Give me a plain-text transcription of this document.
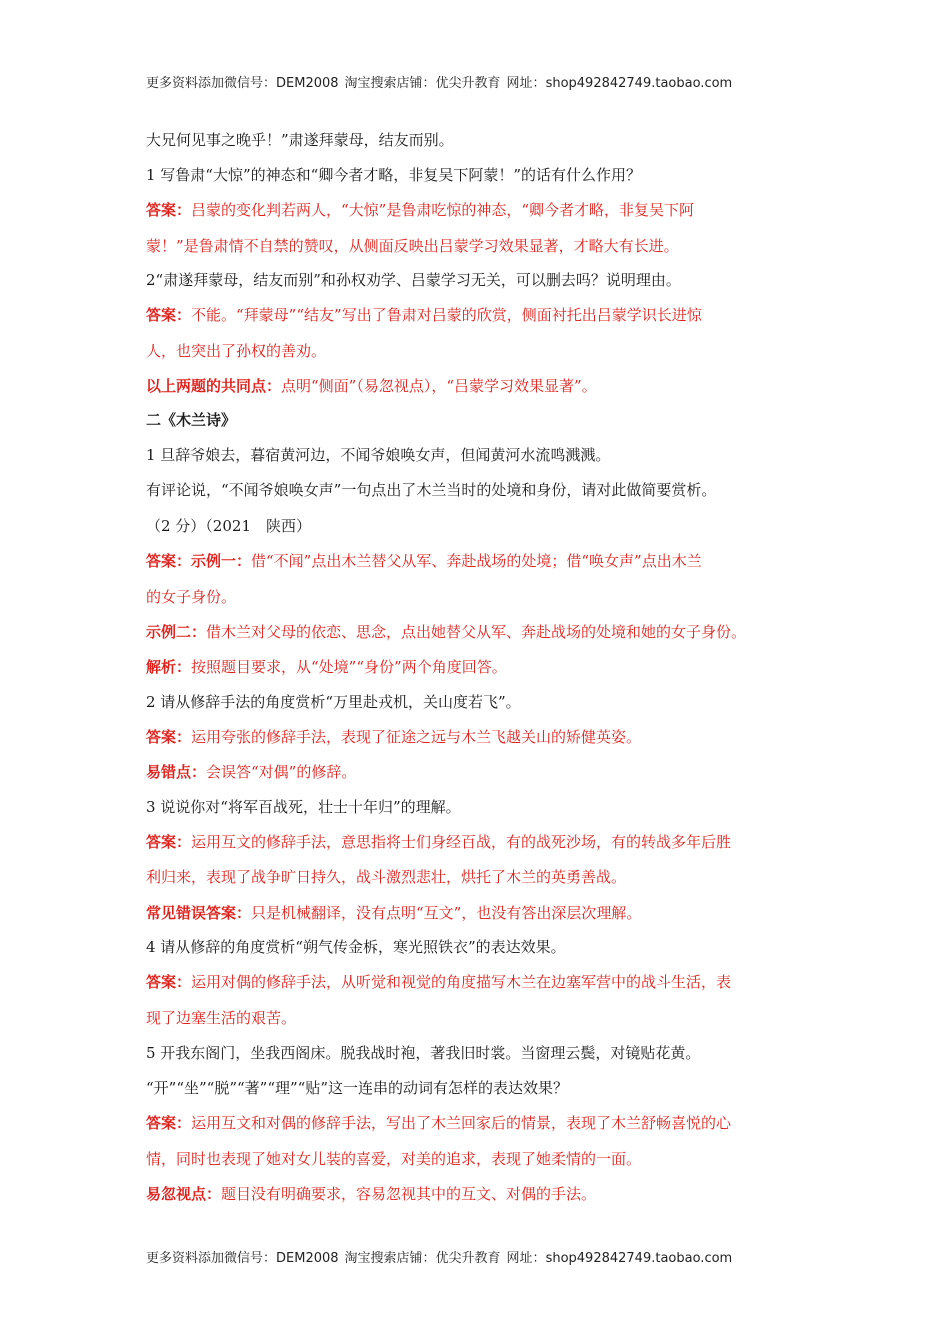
更多资料添加微信号：DEM2008 淘宝搜索店铺：优尖升教育 网址：shop492842749.taobao.com
大兄何见事之晚乎！”肃遂拜蒙母，结友而别。
1 写鲁肃“大惊”的神态和“卿今者才略，非复吴下阿蒙！”的话有什么作用？
答案：吕蒙的变化判若两人，“大惊”是鲁肃吃惊的神态，“卿今者才略，非复吴下阿
蒙！”是鲁肃情不自禁的赞叹，从侧面反映出吕蒙学习效果显著，才略大有长进。
2“肃遂拜蒙母，结友而别”和孙权劝学、吕蒙学习无关，可以删去吗？说明理由。
答案：不能。“拜蒙母”“结友”写出了鲁肃对吕蒙的欣赏，侧面衬托出吕蒙学识长进惊
人，也突出了孙权的善劝。
以上两题的共同点：点明“侧面”（易忽视点），“吕蒙学习效果显著”。
二《木兰诗》
1 旦辞爷娘去，暮宿黄河边，不闻爷娘唤女声，但闻黄河水流鸣溅溅。
有评论说，“不闻爷娘唤女声”一句点出了木兰当时的处境和身份，请对此做简要赏析。
（2 分）（2021　陕西）
答案：示例一：借“不闻”点出木兰替父从军、奔赴战场的处境；借“唤女声”点出木兰
的女子身份。
示例二：借木兰对父母的依恋、思念，点出她替父从军、奔赴战场的处境和她的女子身份。
解析：按照题目要求，从“处境”“身份”两个角度回答。
2 请从修辞手法的角度赏析“万里赴戎机，关山度若飞”。
答案：运用夸张的修辞手法，表现了征途之远与木兰飞越关山的矫健英姿。
易错点：会误答“对偶”的修辞。
3 说说你对“将军百战死，壮士十年归”的理解。
答案：运用互文的修辞手法，意思指将士们身经百战，有的战死沙场，有的转战多年后胜
利归来，表现了战争旷日持久，战斗激烈悲壮，烘托了木兰的英勇善战。
常见错误答案：只是机械翻译，没有点明“互文”，也没有答出深层次理解。
4 请从修辞的角度赏析“朔气传金柝，寒光照铁衣”的表达效果。
答案：运用对偶的修辞手法，从听觉和视觉的角度描写木兰在边塞军营中的战斗生活，表
现了边塞生活的艰苦。
5 开我东阁门，坐我西阁床。脱我战时袍，著我旧时裳。当窗理云鬓，对镜贴花黄。
“开”“坐”“脱”“著”“理”“贴”这一连串的动词有怎样的表达效果？
答案：运用互文和对偶的修辞手法，写出了木兰回家后的情景，表现了木兰舒畅喜悦的心
情，同时也表现了她对女儿装的喜爱，对美的追求，表现了她柔情的一面。
易忽视点：题目没有明确要求，容易忽视其中的互文、对偶的手法。
更多资料添加微信号：DEM2008 淘宝搜索店铺：优尖升教育 网址：shop492842749.taobao.com
